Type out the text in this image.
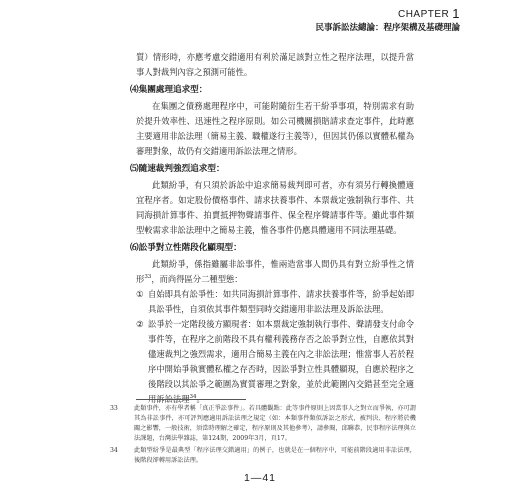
CHAPTER 1
民事訴訟法總論：程序架構及基礎理論

質）情形時，亦應考慮交錯適用有利於滿足該對立性之程序法理，以提升當事人對裁判內容之預測可能性。

⑷集團處理追求型：

在集團之債務處理程序中，可能附隨衍生若干紛爭事項，特別需求有助於提升效率性、迅速性之程序原則。如公司機關損賠請求查定事件，此時應主要適用非訟法理（簡易主義、職權遂行主義等），但因其仍係以實體私權為審理對象，故仍有交錯適用訴訟法理之情形。

⑸隨速裁判強烈追求型：

此類紛爭，有只須於訴訟中追求簡易裁判即可者，亦有須另行轉換體適宜程序者。如定股份價格事件、請求扶養事件、本票裁定強制執行事件、共同海損計算事件、拍賣抵押物聲請事件、保全程序聲請事件等。雖此事件類型較需求非訟法理中之簡易主義，惟各事件仍應具體適用不同法理基礎。

⑹訟爭對立性階段化顯現型：

此類紛爭，係指雖屬非訟事件，惟兩造當事人間仍具有對立紛爭性之情形$^{33}$，而尚得區分二種型態：

① 自始即具有訟爭性：如共同海損計算事件、請求扶養事件等，紛爭起始即具訟爭性，自須依其事件類型同時交錯適用非訟法理及訴訟法理。
② 訟爭於一定階段後方顯現者：如本票裁定強制執行事件、聲請發支付命令事件等，在程序之前階段不具有權利義務存否之訟爭對立性，自應依其對儘速裁判之強烈需求，適用合簡易主義在內之非訟法理；惟當事人若於程序中開始爭執實體私權之存否時，因訟爭對立性具體顯現，自應於程序之後階段以其訟爭之範圍為實質審理之對象，並於此範圍內交錯甚至完全適用訴訟法理$^{34}$。
33	此類事件，亦有學者稱「真正爭訟事件」。若具體觀點：此等事件原則上因當事人之對立而爭執，亦可謂其為非訟事件，亦可評判應適用訴訟法理之規定（如：本類事件類似訴訟之形式，被判決、程序將於機關之影響，一般技術，須當時理解之確定，程序原則及其他參考），請參閱，邱聯恭，民事程序法理與立法課題，台灣法學雜誌，第124期，2009年3月，頁17。
34	此類型紛爭是最典型「程序法理交錯適用」的例子，也就是在一個程序中，可能前階段適用非訟法理，後階段卻轉用訴訟法理。
1—41
